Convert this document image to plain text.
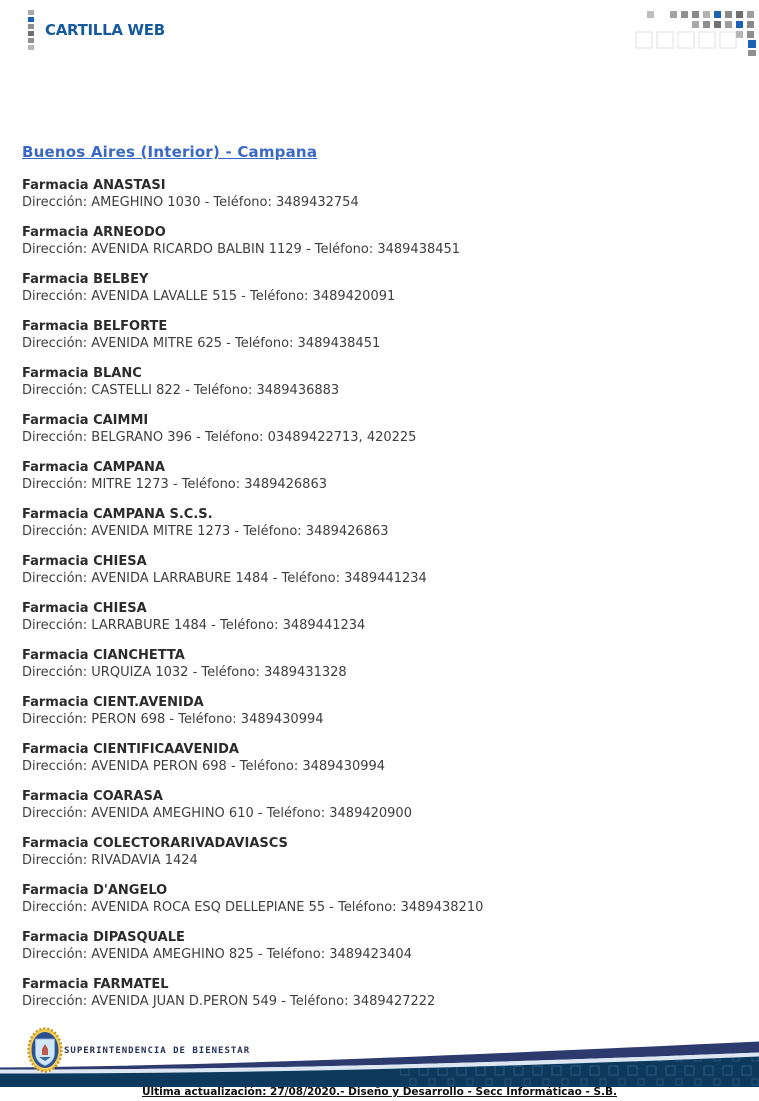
CARTILLA WEB
Buenos Aires (Interior) - Campana
Farmacia ANASTASI
Dirección: AMEGHINO 1030 - Teléfono: 3489432754
Farmacia ARNEODO
Dirección: AVENIDA RICARDO BALBIN 1129 - Teléfono: 3489438451
Farmacia BELBEY
Dirección: AVENIDA LAVALLE 515 - Teléfono: 3489420091
Farmacia BELFORTE
Dirección: AVENIDA MITRE 625 - Teléfono: 3489438451
Farmacia BLANC
Dirección: CASTELLI 822 - Teléfono: 3489436883
Farmacia CAIMMI
Dirección: BELGRANO 396 - Teléfono: 03489422713, 420225
Farmacia CAMPANA
Dirección: MITRE 1273 - Teléfono: 3489426863
Farmacia CAMPANA S.C.S.
Dirección: AVENIDA MITRE 1273 - Teléfono: 3489426863
Farmacia CHIESA
Dirección: AVENIDA LARRABURE 1484 - Teléfono: 3489441234
Farmacia CHIESA
Dirección: LARRABURE 1484 - Teléfono: 3489441234
Farmacia CIANCHETTA
Dirección: URQUIZA 1032 - Teléfono: 3489431328
Farmacia CIENT.AVENIDA
Dirección: PERON 698 - Teléfono: 3489430994
Farmacia CIENTIFICAAVENIDA
Dirección: AVENIDA PERON 698 - Teléfono: 3489430994
Farmacia COARASA
Dirección: AVENIDA AMEGHINO 610 - Teléfono: 3489420900
Farmacia COLECTORARIVADAVIASCS
Dirección: RIVADAVIA 1424
Farmacia D'ANGELO
Dirección: AVENIDA ROCA ESQ DELLEPIANE 55 - Teléfono: 3489438210
Farmacia DIPASQUALE
Dirección: AVENIDA AMEGHINO 825 - Teléfono: 3489423404
Farmacia FARMATEL
Dirección: AVENIDA JUAN D.PERON 549 - Teléfono: 3489427222
SUPERINTENDENCIA DE BIENESTAR
Última actualización: 27/08/2020.- Diseño y Desarrollo - Secc Informáticao - S.B.
